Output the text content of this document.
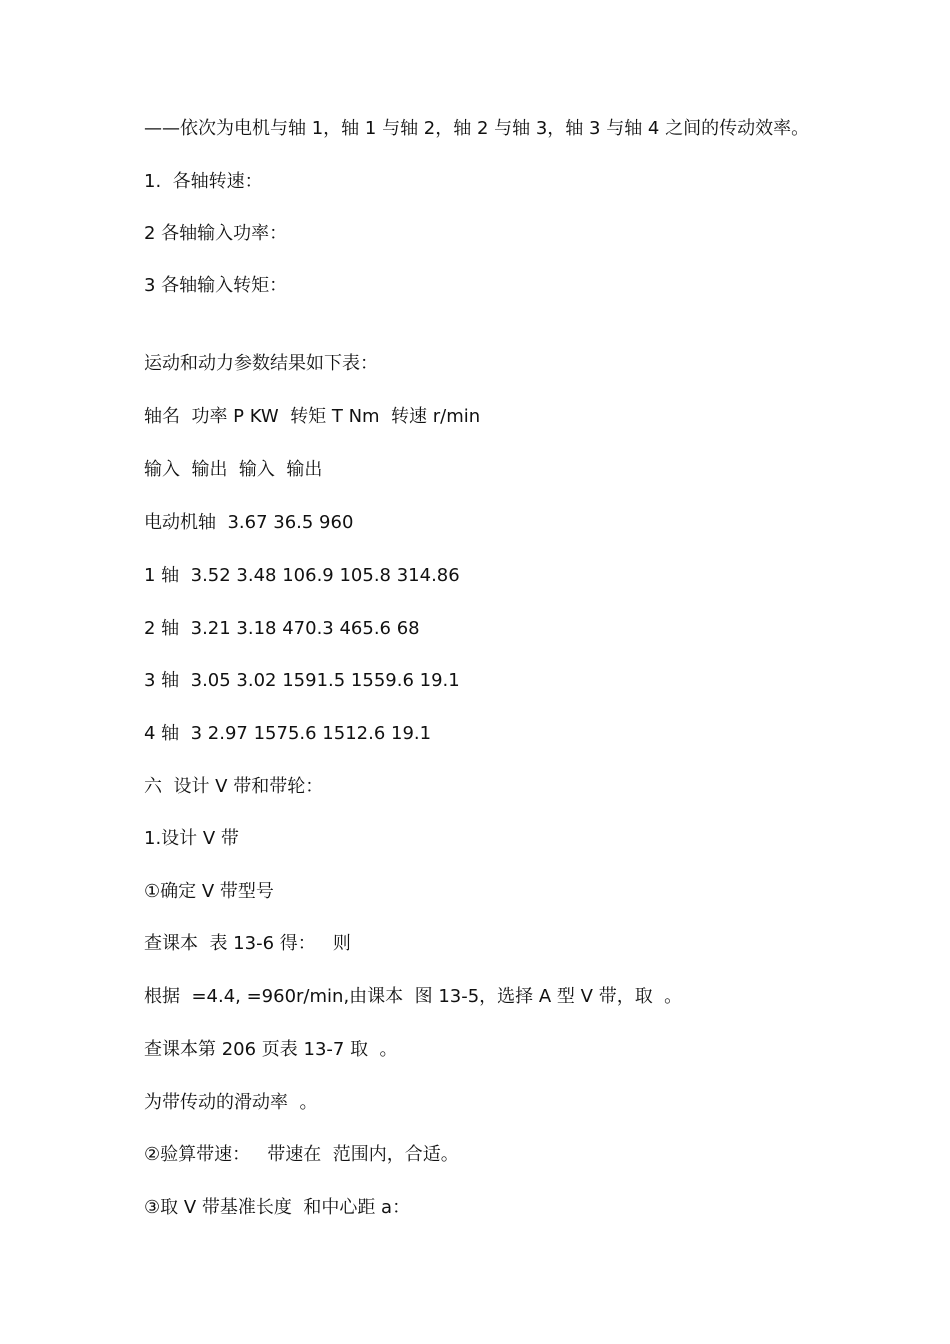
——依次为电机与轴 1，轴 1 与轴 2，轴 2 与轴 3，轴 3 与轴 4 之间的传动效率。
1.  各轴转速：
2 各轴输入功率：
3 各轴输入转矩：
运动和动力参数结果如下表：
轴名  功率 P KW  转矩 T Nm  转速 r/min
输入  输出  输入  输出
电动机轴  3.67 36.5 960
1 轴  3.52 3.48 106.9 105.8 314.86
2 轴  3.21 3.18 470.3 465.6 68
3 轴  3.05 3.02 1591.5 1559.6 19.1
4 轴  3 2.97 1575.6 1512.6 19.1
六  设计 V 带和带轮：
1.设计 V 带
①确定 V 带型号
查课本  表 13-6 得：   则
根据  =4.4, =960r/min,由课本  图 13-5，选择 A 型 V 带，取  。
查课本第 206 页表 13-7 取  。
为带传动的滑动率  。
②验算带速：   带速在  范围内，合适。
③取 V 带基准长度  和中心距 a：
